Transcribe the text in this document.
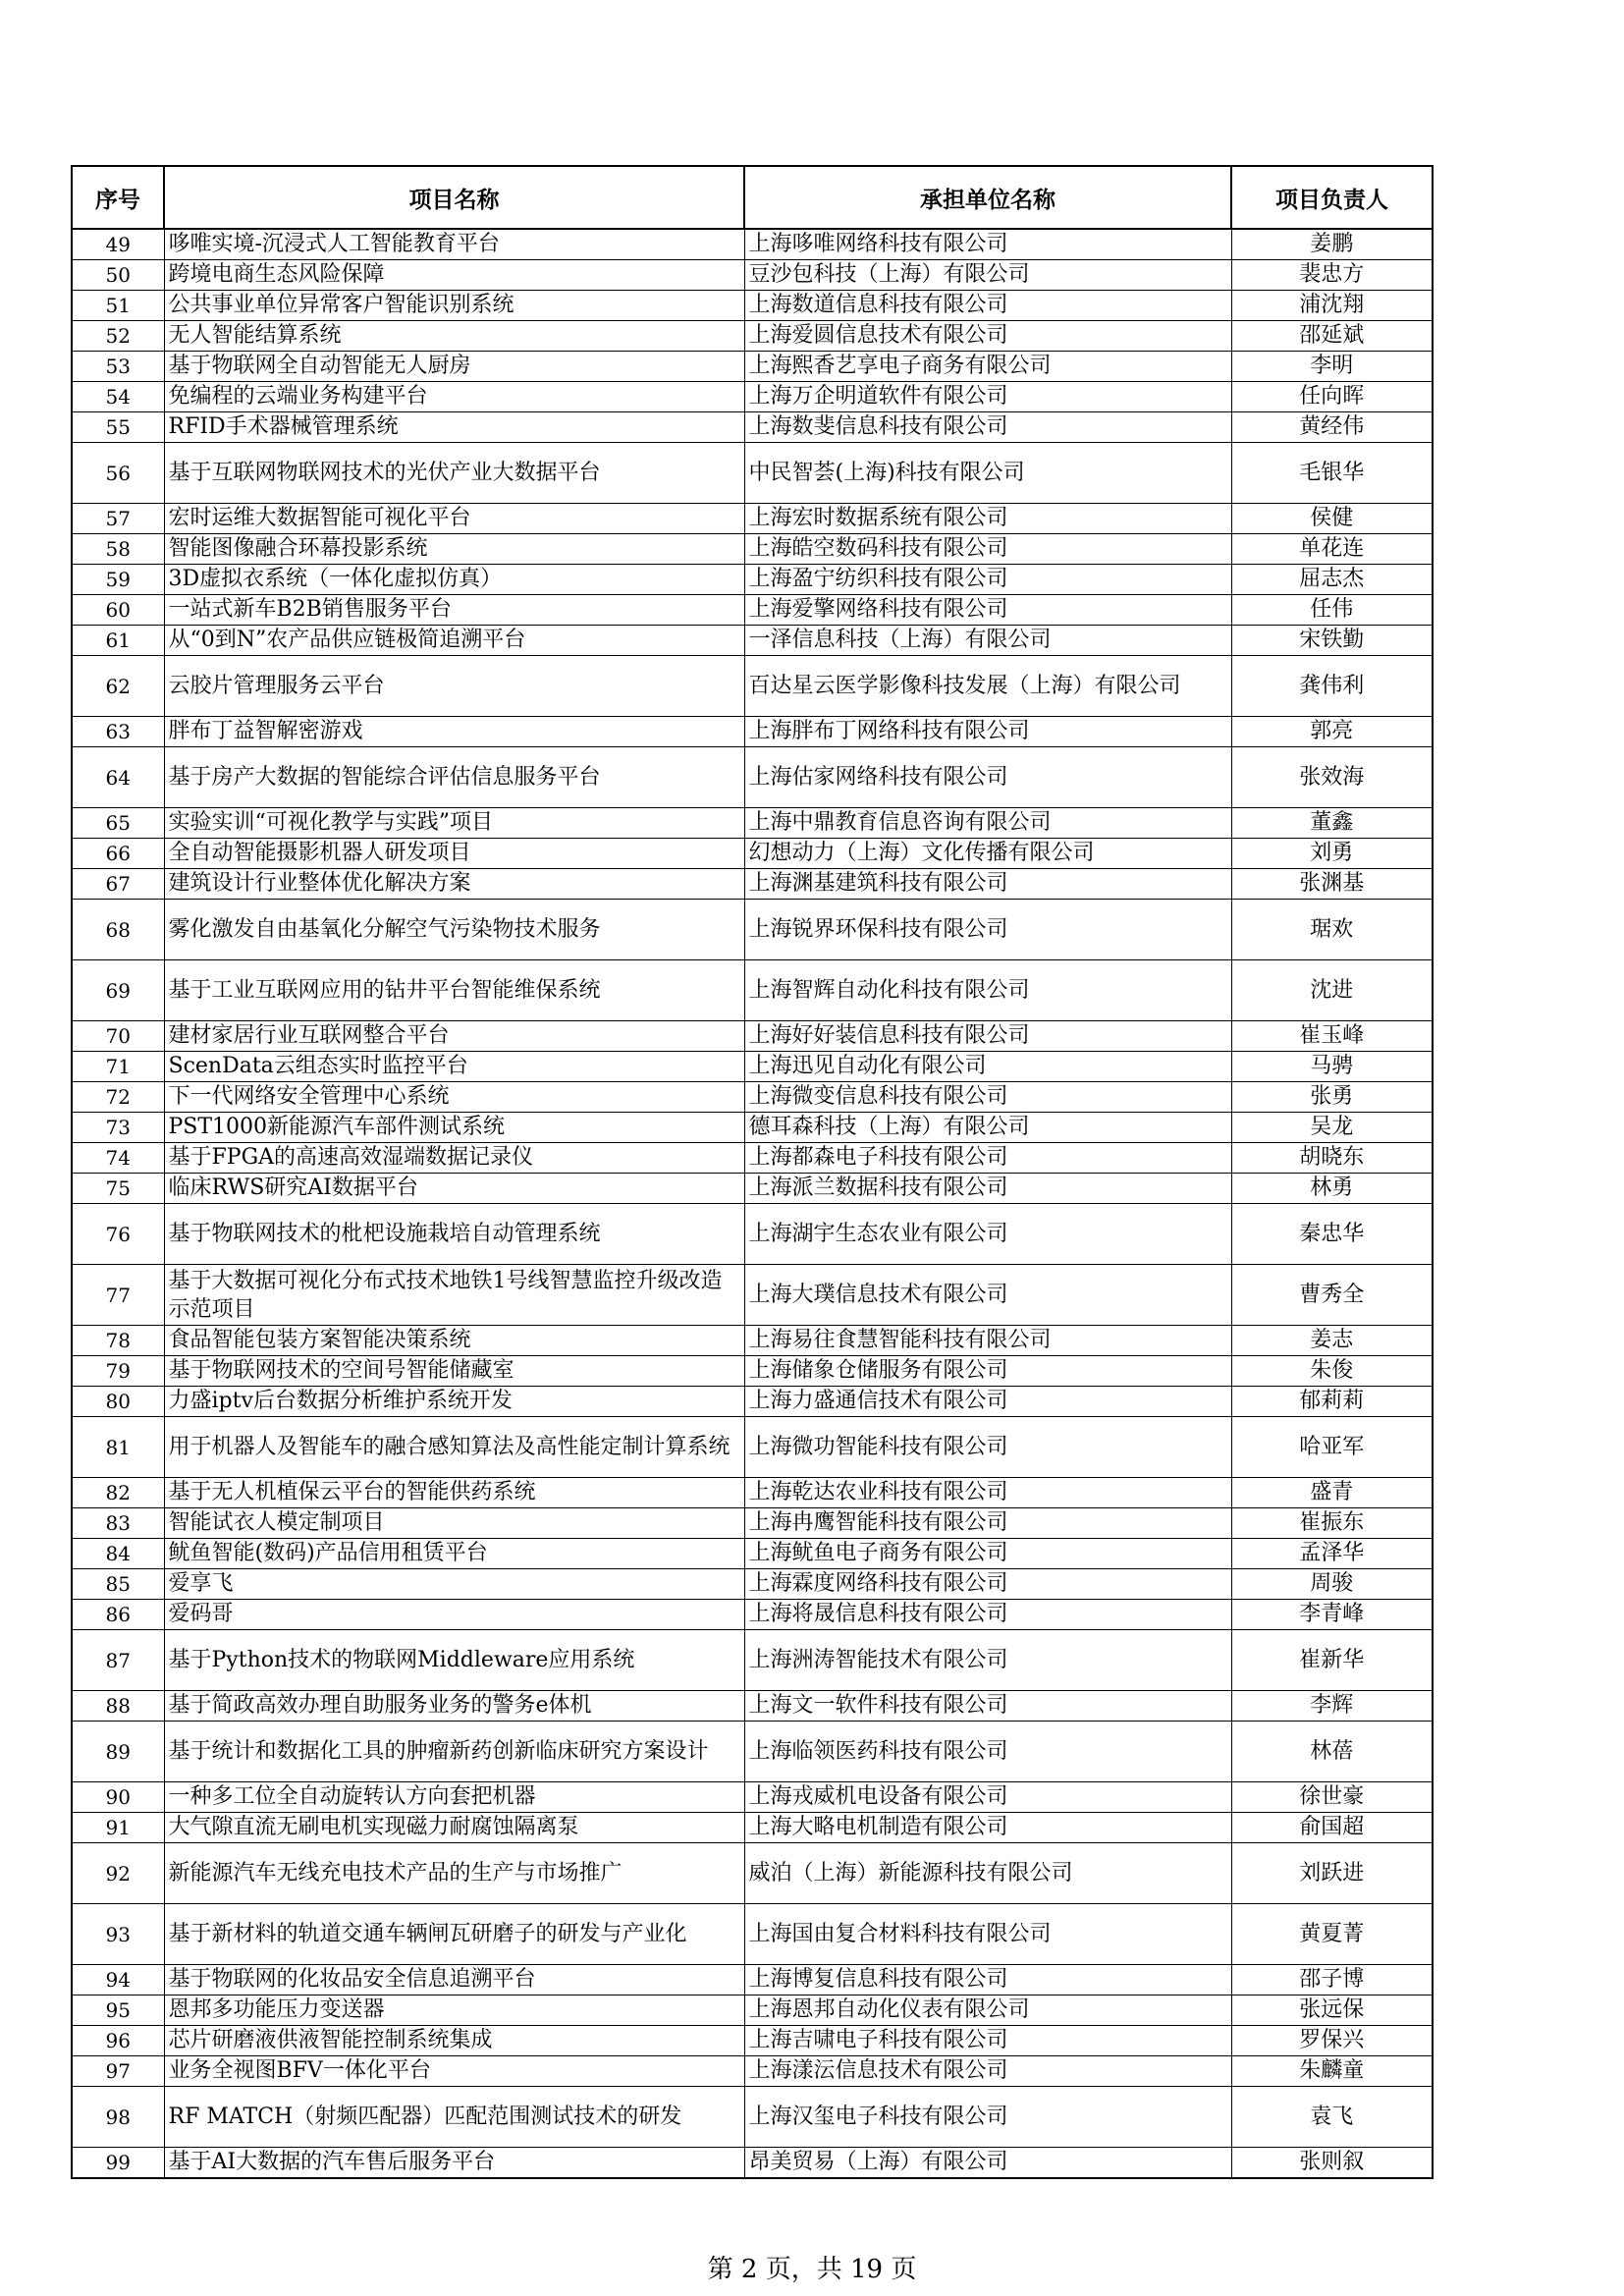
序号	项目名称	承担单位名称	项目负责人
49	哆唯实境-沉浸式人工智能教育平台	上海哆唯网络科技有限公司	姜鹏
50	跨境电商生态风险保障	豆沙包科技（上海）有限公司	裴忠方
51	公共事业单位异常客户智能识别系统	上海数道信息科技有限公司	浦沈翔
52	无人智能结算系统	上海爱圆信息技术有限公司	邵延斌
53	基于物联网全自动智能无人厨房	上海熙香艺享电子商务有限公司	李明
54	免编程的云端业务构建平台	上海万企明道软件有限公司	任向晖
55	RFID手术器械管理系统	上海数斐信息科技有限公司	黄经伟
56	基于互联网物联网技术的光伏产业大数据平台	中民智荟(上海)科技有限公司	毛银华
57	宏时运维大数据智能可视化平台	上海宏时数据系统有限公司	侯健
58	智能图像融合环幕投影系统	上海皓空数码科技有限公司	单花连
59	3D虚拟衣系统（一体化虚拟仿真）	上海盈宁纺织科技有限公司	屈志杰
60	一站式新车B2B销售服务平台	上海爱擎网络科技有限公司	任伟
61	从“0到N”农产品供应链极简追溯平台	一泽信息科技（上海）有限公司	宋铁勤
62	云胶片管理服务云平台	百达星云医学影像科技发展（上海）有限公司	龚伟利
63	胖布丁益智解密游戏	上海胖布丁网络科技有限公司	郭亮
64	基于房产大数据的智能综合评估信息服务平台	上海估家网络科技有限公司	张效海
65	实验实训“可视化教学与实践”项目	上海中鼎教育信息咨询有限公司	董鑫
66	全自动智能摄影机器人研发项目	幻想动力（上海）文化传播有限公司	刘勇
67	建筑设计行业整体优化解决方案	上海渊基建筑科技有限公司	张渊基
68	雾化激发自由基氧化分解空气污染物技术服务	上海锐界环保科技有限公司	琚欢
69	基于工业互联网应用的钻井平台智能维保系统	上海智辉自动化科技有限公司	沈进
70	建材家居行业互联网整合平台	上海好好装信息科技有限公司	崔玉峰
71	ScenData云组态实时监控平台	上海迅见自动化有限公司	马骋
72	下一代网络安全管理中心系统	上海微变信息科技有限公司	张勇
73	PST1000新能源汽车部件测试系统	德耳森科技（上海）有限公司	吴龙
74	基于FPGA的高速高效湿端数据记录仪	上海都森电子科技有限公司	胡晓东
75	临床RWS研究AI数据平台	上海派兰数据科技有限公司	林勇
76	基于物联网技术的枇杷设施栽培自动管理系统	上海湖宇生态农业有限公司	秦忠华
77	基于大数据可视化分布式技术地铁1号线智慧监控升级改造示范项目	上海大璞信息技术有限公司	曹秀全
78	食品智能包装方案智能决策系统	上海易往食慧智能科技有限公司	姜志
79	基于物联网技术的空间号智能储藏室	上海储象仓储服务有限公司	朱俊
80	力盛iptv后台数据分析维护系统开发	上海力盛通信技术有限公司	郁莉莉
81	用于机器人及智能车的融合感知算法及高性能定制计算系统	上海微功智能科技有限公司	哈亚军
82	基于无人机植保云平台的智能供药系统	上海乾达农业科技有限公司	盛青
83	智能试衣人模定制项目	上海冉鹰智能科技有限公司	崔振东
84	鱿鱼智能(数码)产品信用租赁平台	上海鱿鱼电子商务有限公司	孟泽华
85	爱享飞	上海霖度网络科技有限公司	周骏
86	爱码哥	上海将晟信息科技有限公司	李青峰
87	基于Python技术的物联网Middleware应用系统	上海洲涛智能技术有限公司	崔新华
88	基于简政高效办理自助服务业务的警务e体机	上海文一软件科技有限公司	李辉
89	基于统计和数据化工具的肿瘤新药创新临床研究方案设计	上海临领医药科技有限公司	林蓓
90	一种多工位全自动旋转认方向套把机器	上海戎威机电设备有限公司	徐世豪
91	大气隙直流无刷电机实现磁力耐腐蚀隔离泵	上海大略电机制造有限公司	俞国超
92	新能源汽车无线充电技术产品的生产与市场推广	威泊（上海）新能源科技有限公司	刘跃进
93	基于新材料的轨道交通车辆闸瓦研磨子的研发与产业化	上海国由复合材料科技有限公司	黄夏菁
94	基于物联网的化妆品安全信息追溯平台	上海博复信息科技有限公司	邵子博
95	恩邦多功能压力变送器	上海恩邦自动化仪表有限公司	张远保
96	芯片研磨液供液智能控制系统集成	上海吉啸电子科技有限公司	罗保兴
97	业务全视图BFV一体化平台	上海漾沄信息技术有限公司	朱麟童
98	RF MATCH（射频匹配器）匹配范围测试技术的研发	上海汉玺电子科技有限公司	袁飞
99	基于AI大数据的汽车售后服务平台	昂美贸易（上海）有限公司	张则叙
第 2 页，共 19 页
